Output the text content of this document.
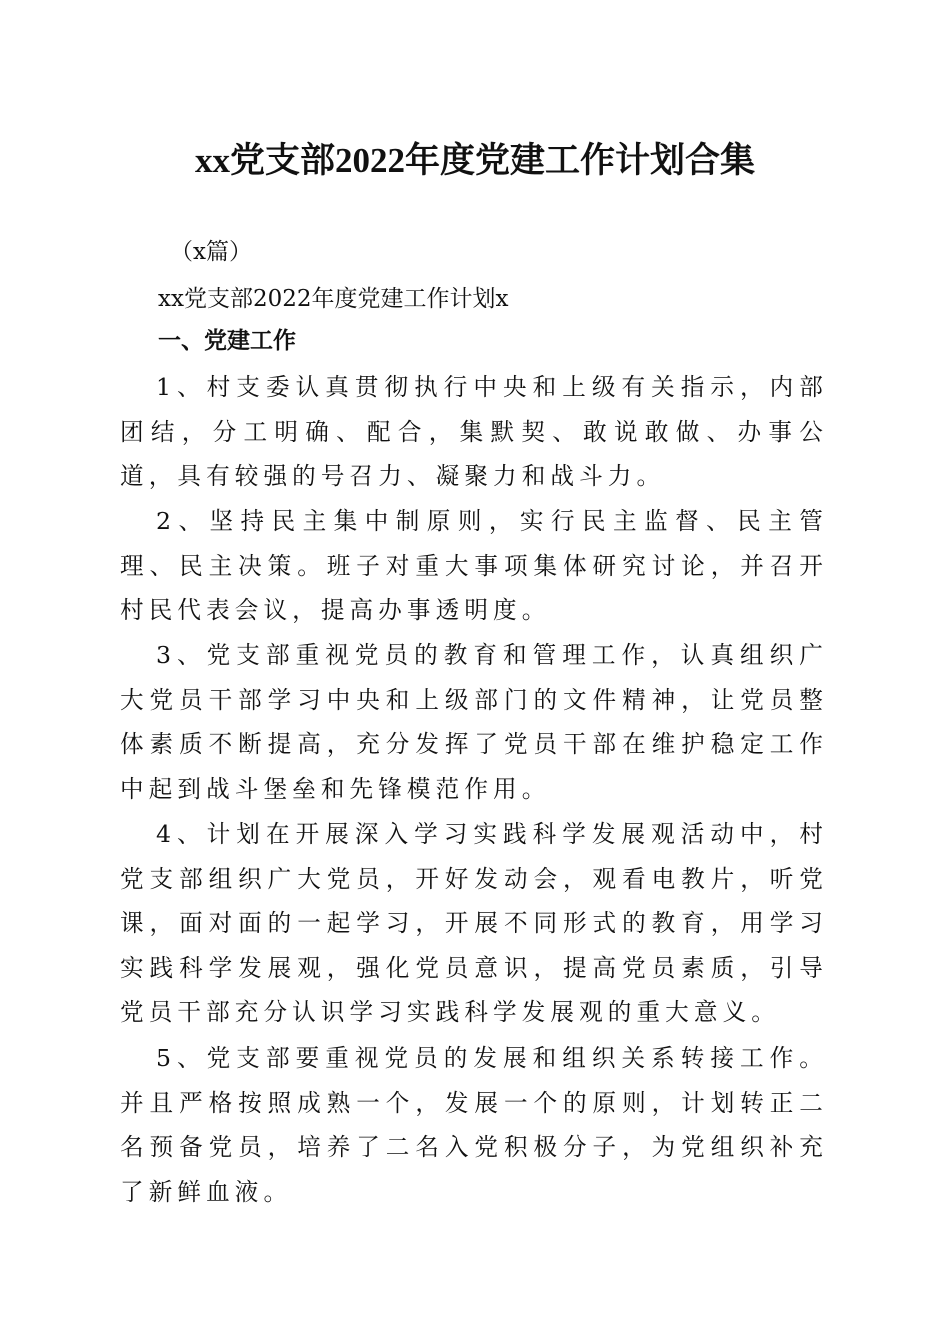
xx党支部2022年度党建工作计划合集

（x篇）

xx党支部2022年度党建工作计划x

一、党建工作

1、村支委认真贯彻执行中央和上级有关指示，内部团结，分工明确、配合，集默契、敢说敢做、办事公道，具有较强的号召力、凝聚力和战斗力。

2、坚持民主集中制原则，实行民主监督、民主管理、民主决策。班子对重大事项集体研究讨论，并召开村民代表会议，提高办事透明度。

3、党支部重视党员的教育和管理工作，认真组织广大党员干部学习中央和上级部门的文件精神，让党员整体素质不断提高，充分发挥了党员干部在维护稳定工作中起到战斗堡垒和先锋模范作用。

4、计划在开展深入学习实践科学发展观活动中，村党支部组织广大党员，开好发动会，观看电教片，听党课，面对面的一起学习，开展不同形式的教育，用学习实践科学发展观，强化党员意识，提高党员素质，引导党员干部充分认识学习实践科学发展观的重大意义。

5、党支部要重视党员的发展和组织关系转接工作。并且严格按照成熟一个，发展一个的原则，计划转正二名预备党员，培养了二名入党积极分子，为党组织补充了新鲜血液。
